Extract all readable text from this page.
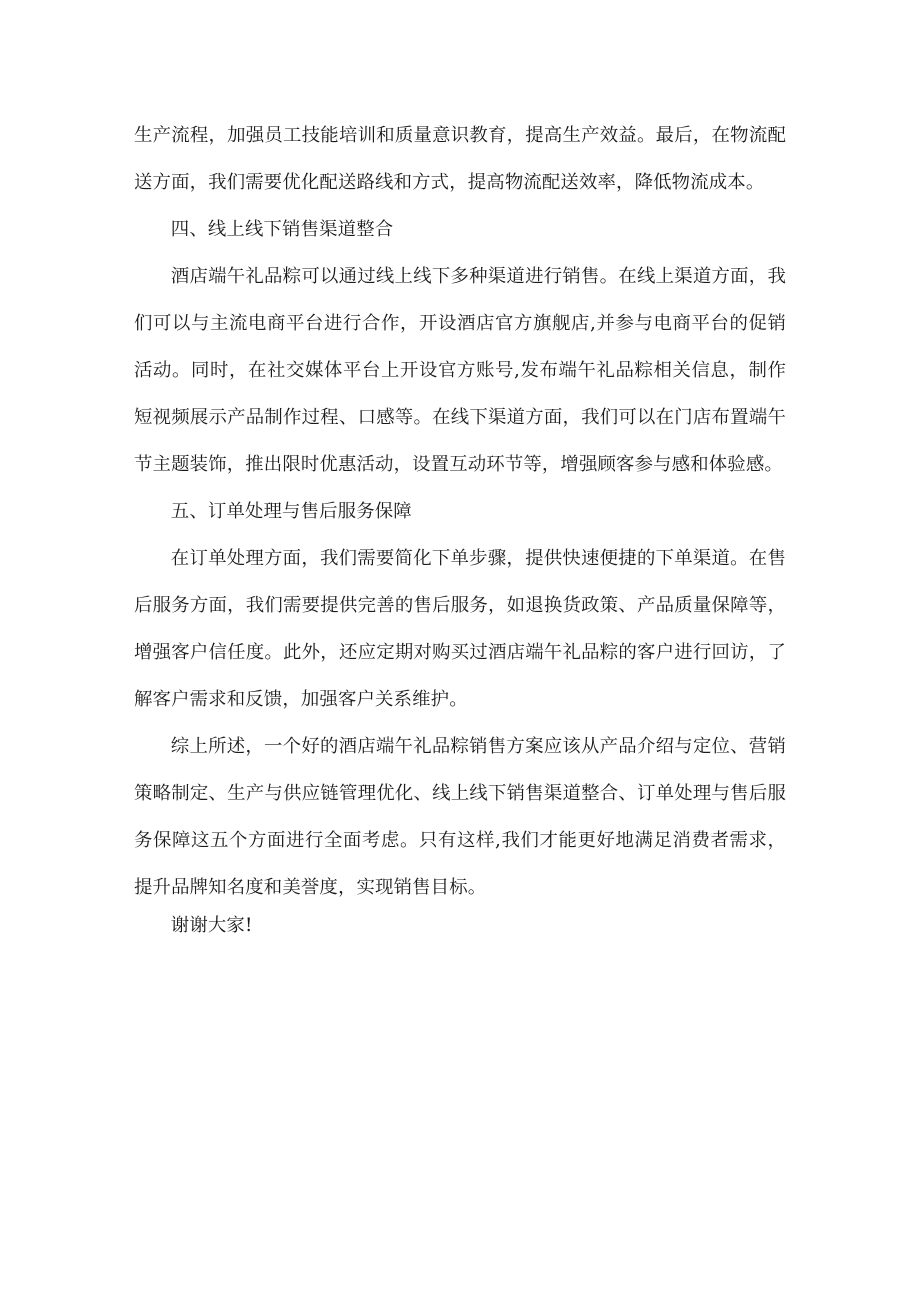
生产流程，加强员工技能培训和质量意识教育，提高生产效益。最后，在物流配送方面，我们需要优化配送路线和方式，提高物流配送效率，降低物流成本。

四、线上线下销售渠道整合

酒店端午礼品粽可以通过线上线下多种渠道进行销售。在线上渠道方面，我们可以与主流电商平台进行合作，开设酒店官方旗舰店,并参与电商平台的促销活动。同时，在社交媒体平台上开设官方账号,发布端午礼品粽相关信息，制作短视频展示产品制作过程、口感等。在线下渠道方面，我们可以在门店布置端午节主题装饰，推出限时优惠活动，设置互动环节等，增强顾客参与感和体验感。

五、订单处理与售后服务保障

在订单处理方面，我们需要简化下单步骤，提供快速便捷的下单渠道。在售后服务方面，我们需要提供完善的售后服务，如退换货政策、产品质量保障等，增强客户信任度。此外，还应定期对购买过酒店端午礼品粽的客户进行回访，了解客户需求和反馈，加强客户关系维护。

综上所述，一个好的酒店端午礼品粽销售方案应该从产品介绍与定位、营销策略制定、生产与供应链管理优化、线上线下销售渠道整合、订单处理与售后服务保障这五个方面进行全面考虑。只有这样,我们才能更好地满足消费者需求，提升品牌知名度和美誉度，实现销售目标。

谢谢大家!
